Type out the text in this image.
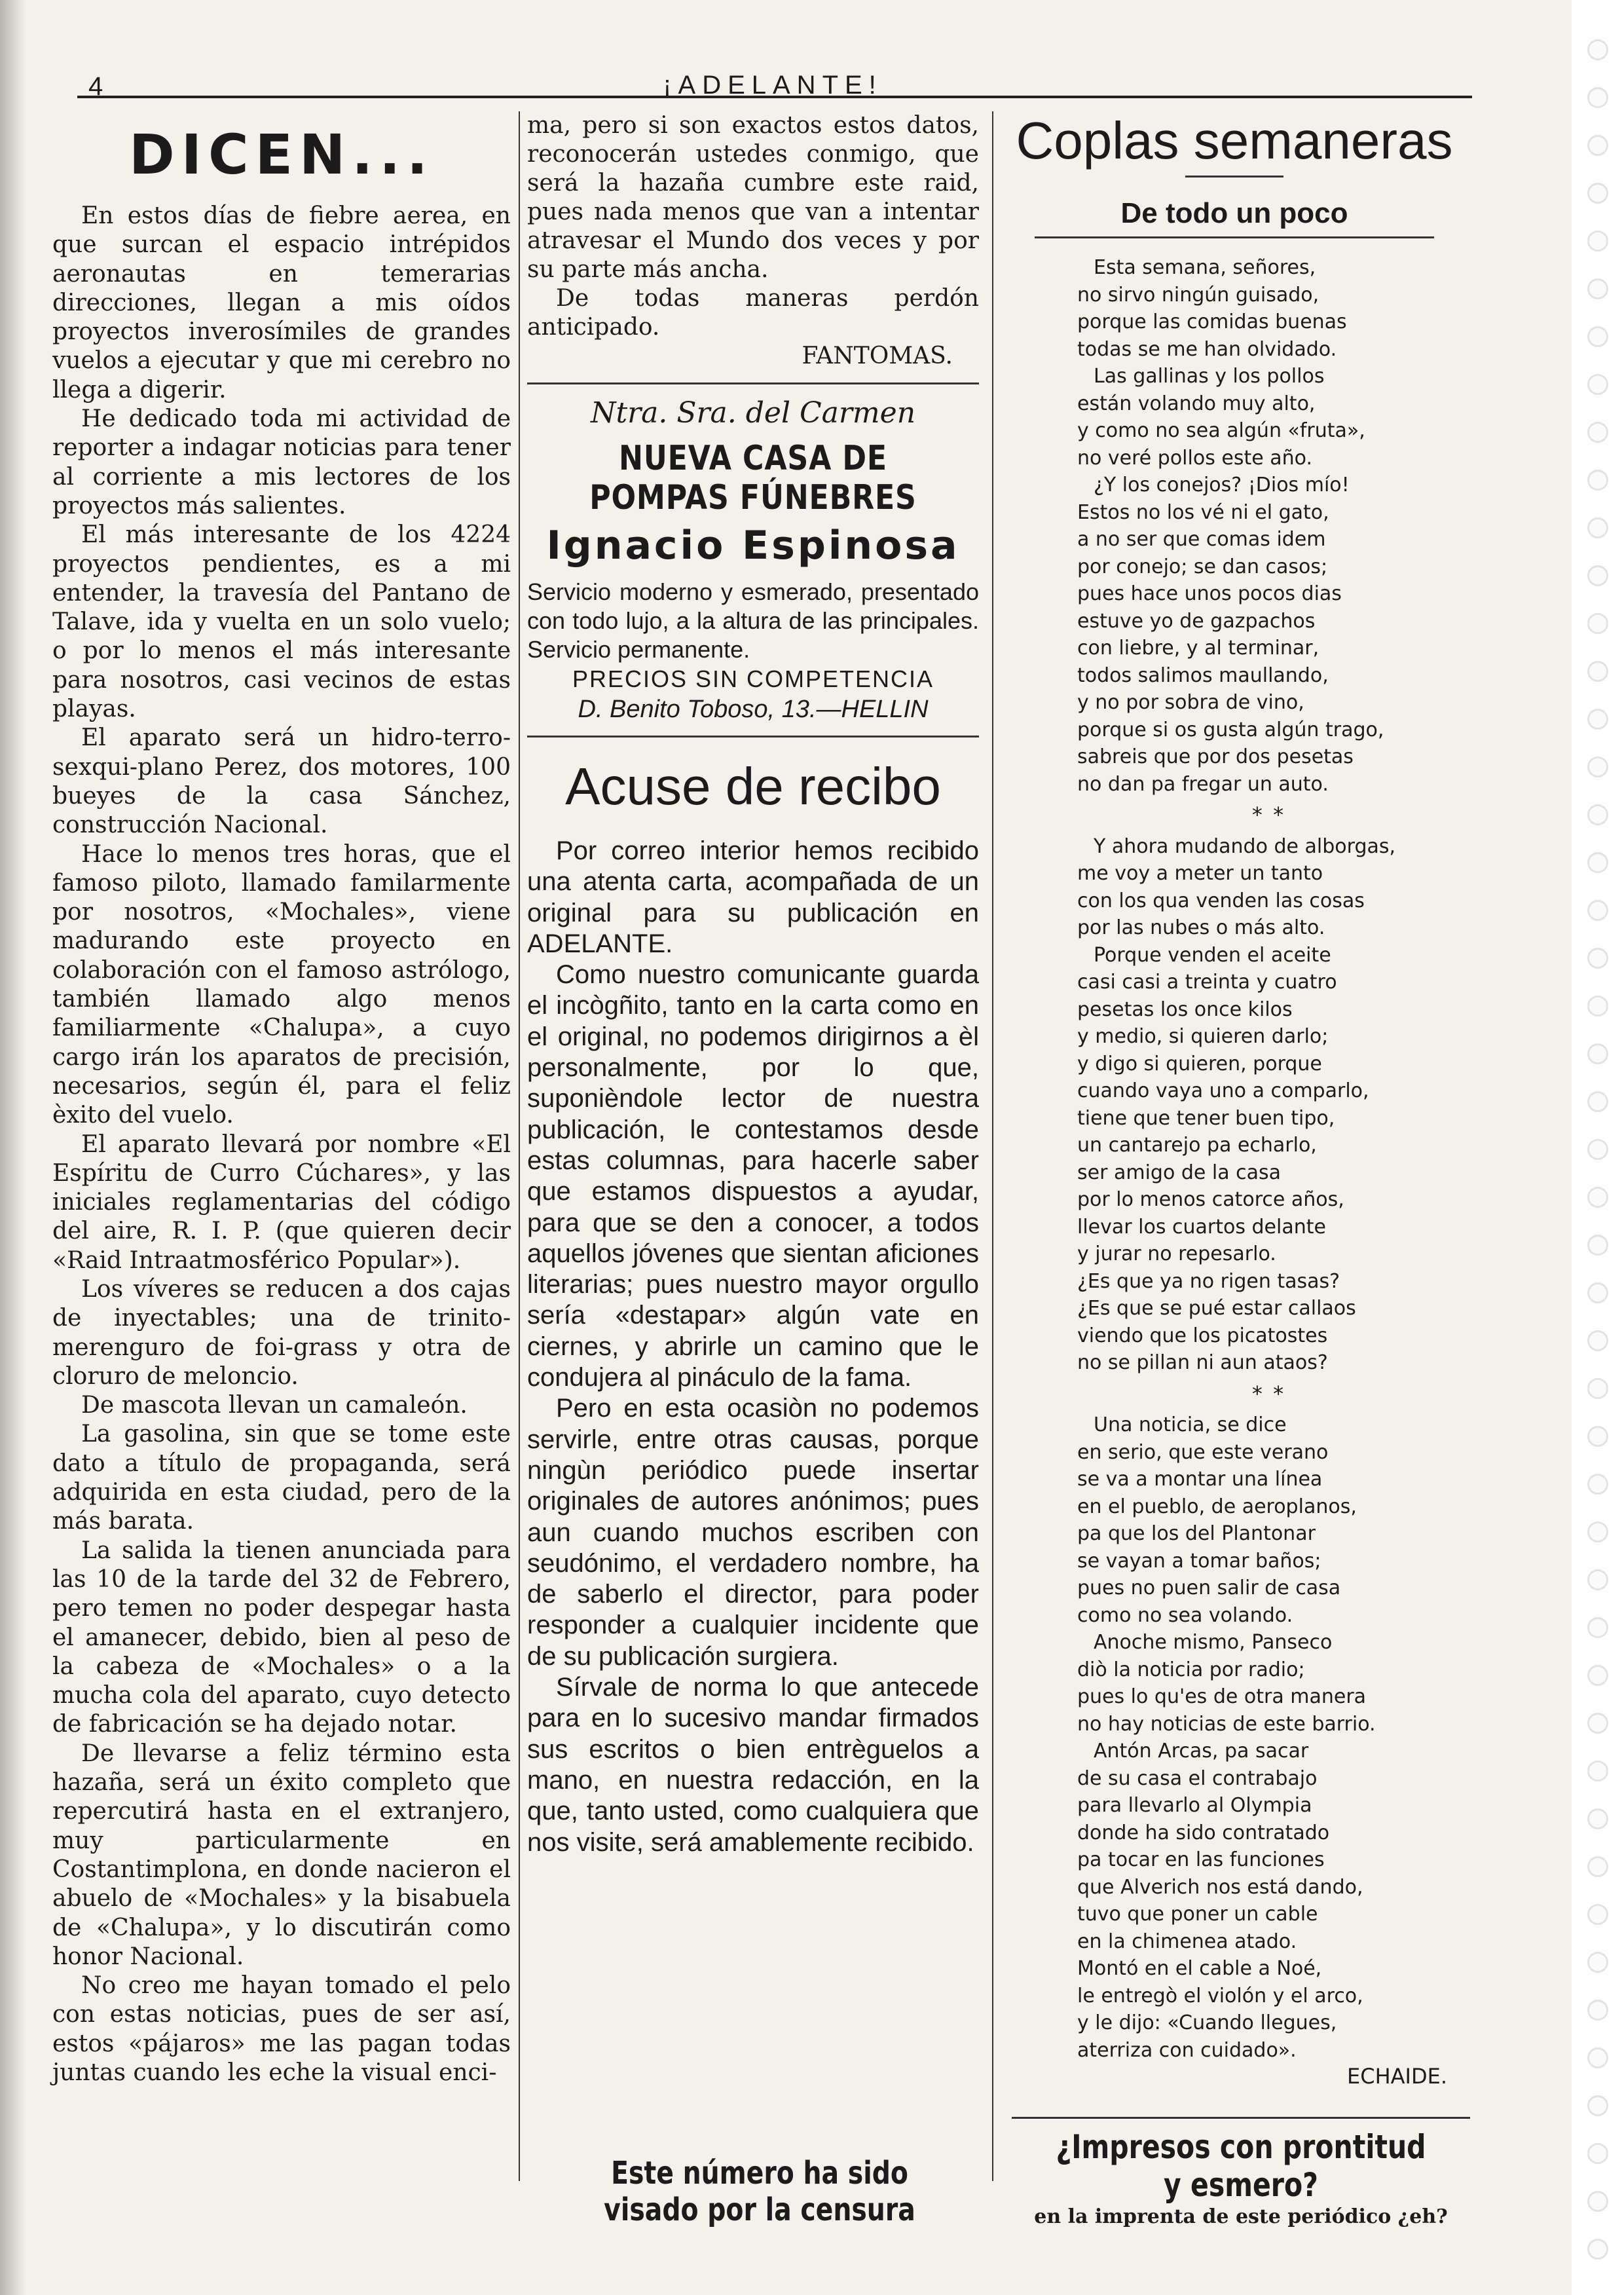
4	¡ADELANTE!
DICEN...

En estos días de fiebre aerea, en que surcan el espacio intrépidos aeronautas en temerarias direcciones, llegan a mis oídos proyectos inverosímiles de grandes vuelos a ejecutar y que mi cerebro no llega a digerir.

He dedicado toda mi actividad de reporter a indagar noticias para tener al corriente a mis lectores de los proyectos más salientes.

El más interesante de los 4224 proyectos pendientes, es a mi entender, la travesía del Pantano de Talave, ida y vuelta en un solo vuelo; o por lo menos el más interesante para nosotros, casi vecinos de estas playas.

El aparato será un hidro-terro-sexqui-plano Perez, dos motores, 100 bueyes de la casa Sánchez, construcción Nacional.

Hace lo menos tres horas, que el famoso piloto, llamado familarmente por nosotros, «Mochales», viene madurando este proyecto en colaboración con el famoso astrólogo, también llamado algo menos familiarmente «Chalupa», a cuyo cargo irán los aparatos de precisión, necesarios, según él, para el feliz èxito del vuelo.

El aparato llevará por nombre «El Espíritu de Curro Cúchares», y las iniciales reglamentarias del código del aire, R. I. P. (que quieren decir «Raid Intraatmosférico Popular»).

Los víveres se reducen a dos cajas de inyectables; una de trinito-merenguro de foi-grass y otra de cloruro de meloncio.

De mascota llevan un camaleón.

La gasolina, sin que se tome este dato a título de propaganda, será adquirida en esta ciudad, pero de la más barata.

La salida la tienen anunciada para las 10 de la tarde del 32 de Febrero, pero temen no poder despegar hasta el amanecer, debido, bien al peso de la cabeza de «Mochales» o a la mucha cola del aparato, cuyo detecto de fabricación se ha dejado notar.

De llevarse a feliz término esta hazaña, será un éxito completo que repercutirá hasta en el extranjero, muy particularmente en Costantimplona, en donde nacieron el abuelo de «Mochales» y la bisabuela de «Chalupa», y lo discutirán como honor Nacional.

No creo me hayan tomado el pelo con estas noticias, pues de ser así, estos «pájaros» me las pagan todas juntas cuando les eche la visual enci-

ma, pero si son exactos estos datos, reconocerán ustedes conmigo, que será la hazaña cumbre este raid, pues nada menos que van a intentar atravesar el Mundo dos veces y por su parte más ancha.

De todas maneras perdón anticipado.

FANTOMAS.

Ntra. Sra. del Carmen
NUEVA CASA DE POMPAS FÚNEBRES
Ignacio Espinosa
Servicio moderno y esmerado, presentado con todo lujo, a la altura de las principales. Servicio permanente.
PRECIOS SIN COMPETENCIA
D. Benito Toboso, 13.—HELLIN
Acuse de recibo

Por correo interior hemos recibido una atenta carta, acompañada de un original para su publicación en ADELANTE.

Como nuestro comunicante guarda el incògñito, tanto en la carta como en el original, no podemos dirigirnos a èl personalmente, por lo que, suponièndole lector de nuestra publicación, le contestamos desde estas columnas, para hacerle saber que estamos dispuestos a ayudar, para que se den a conocer, a todos aquellos jóvenes que sientan aficiones literarias; pues nuestro mayor orgullo sería «destapar» algún vate en ciernes, y abrirle un camino que le condujera al pináculo de la fama.

Pero en esta ocasiòn no podemos servirle, entre otras causas, porque ningùn periódico puede insertar originales de autores anónimos; pues aun cuando muchos escriben con seudónimo, el verdadero nombre, ha de saberlo el director, para poder responder a cualquier incidente que de su publicación surgiera.

Sírvale de norma lo que antecede para en lo sucesivo mandar firmados sus escritos o bien entrèguelos a mano, en nuestra redacción, en la que, tanto usted, como cualquiera que nos visite, será amablemente recibido.

Este número ha sido visado por la censura
Coplas semaneras
De todo un poco

Esta semana, señores,

no sirvo ningún guisado,

porque las comidas buenas

todas se me han olvidado.

Las gallinas y los pollos

están volando muy alto,

y como no sea algún «fruta»,

no veré pollos este año.

¿Y los conejos? ¡Dios mío!

Estos no los vé ni el gato,

a no ser que comas idem

por conejo; se dan casos;

pues hace unos pocos dias

estuve yo de gazpachos

con liebre, y al terminar,

todos salimos maullando,

y no por sobra de vino,

porque si os gusta algún trago,

sabreis que por dos pesetas

no dan pa fregar un auto.

* *

Y ahora mudando de alborgas,

me voy a meter un tanto

con los qua venden las cosas

por las nubes o más alto.

Porque venden el aceite

casi casi a treinta y cuatro

pesetas los once kilos

y medio, si quieren darlo;

y digo si quieren, porque

cuando vaya uno a comparlo,

tiene que tener buen tipo,

un cantarejo pa echarlo,

ser amigo de la casa

por lo menos catorce años,

llevar los cuartos delante

y jurar no repesarlo.

¿Es que ya no rigen tasas?

¿Es que se pué estar callaos

viendo que los picatostes

no se pillan ni aun ataos?

* *

Una noticia, se dice

en serio, que este verano

se va a montar una línea

en el pueblo, de aeroplanos,

pa que los del Plantonar

se vayan a tomar baños;

pues no puen salir de casa

como no sea volando.

Anoche mismo, Panseco

diò la noticia por radio;

pues lo qu'es de otra manera

no hay noticias de este barrio.

Antón Arcas, pa sacar

de su casa el contrabajo

para llevarlo al Olympia

donde ha sido contratado

pa tocar en las funciones

que Alverich nos está dando,

tuvo que poner un cable

en la chimenea atado.

Montó en el cable a Noé,

le entregò el violón y el arco,

y le dijo: «Cuando llegues,

aterriza con cuidado».

ECHAIDE.
¿Impresos con prontitud y esmero?
en la imprenta de este periódico ¿eh?
